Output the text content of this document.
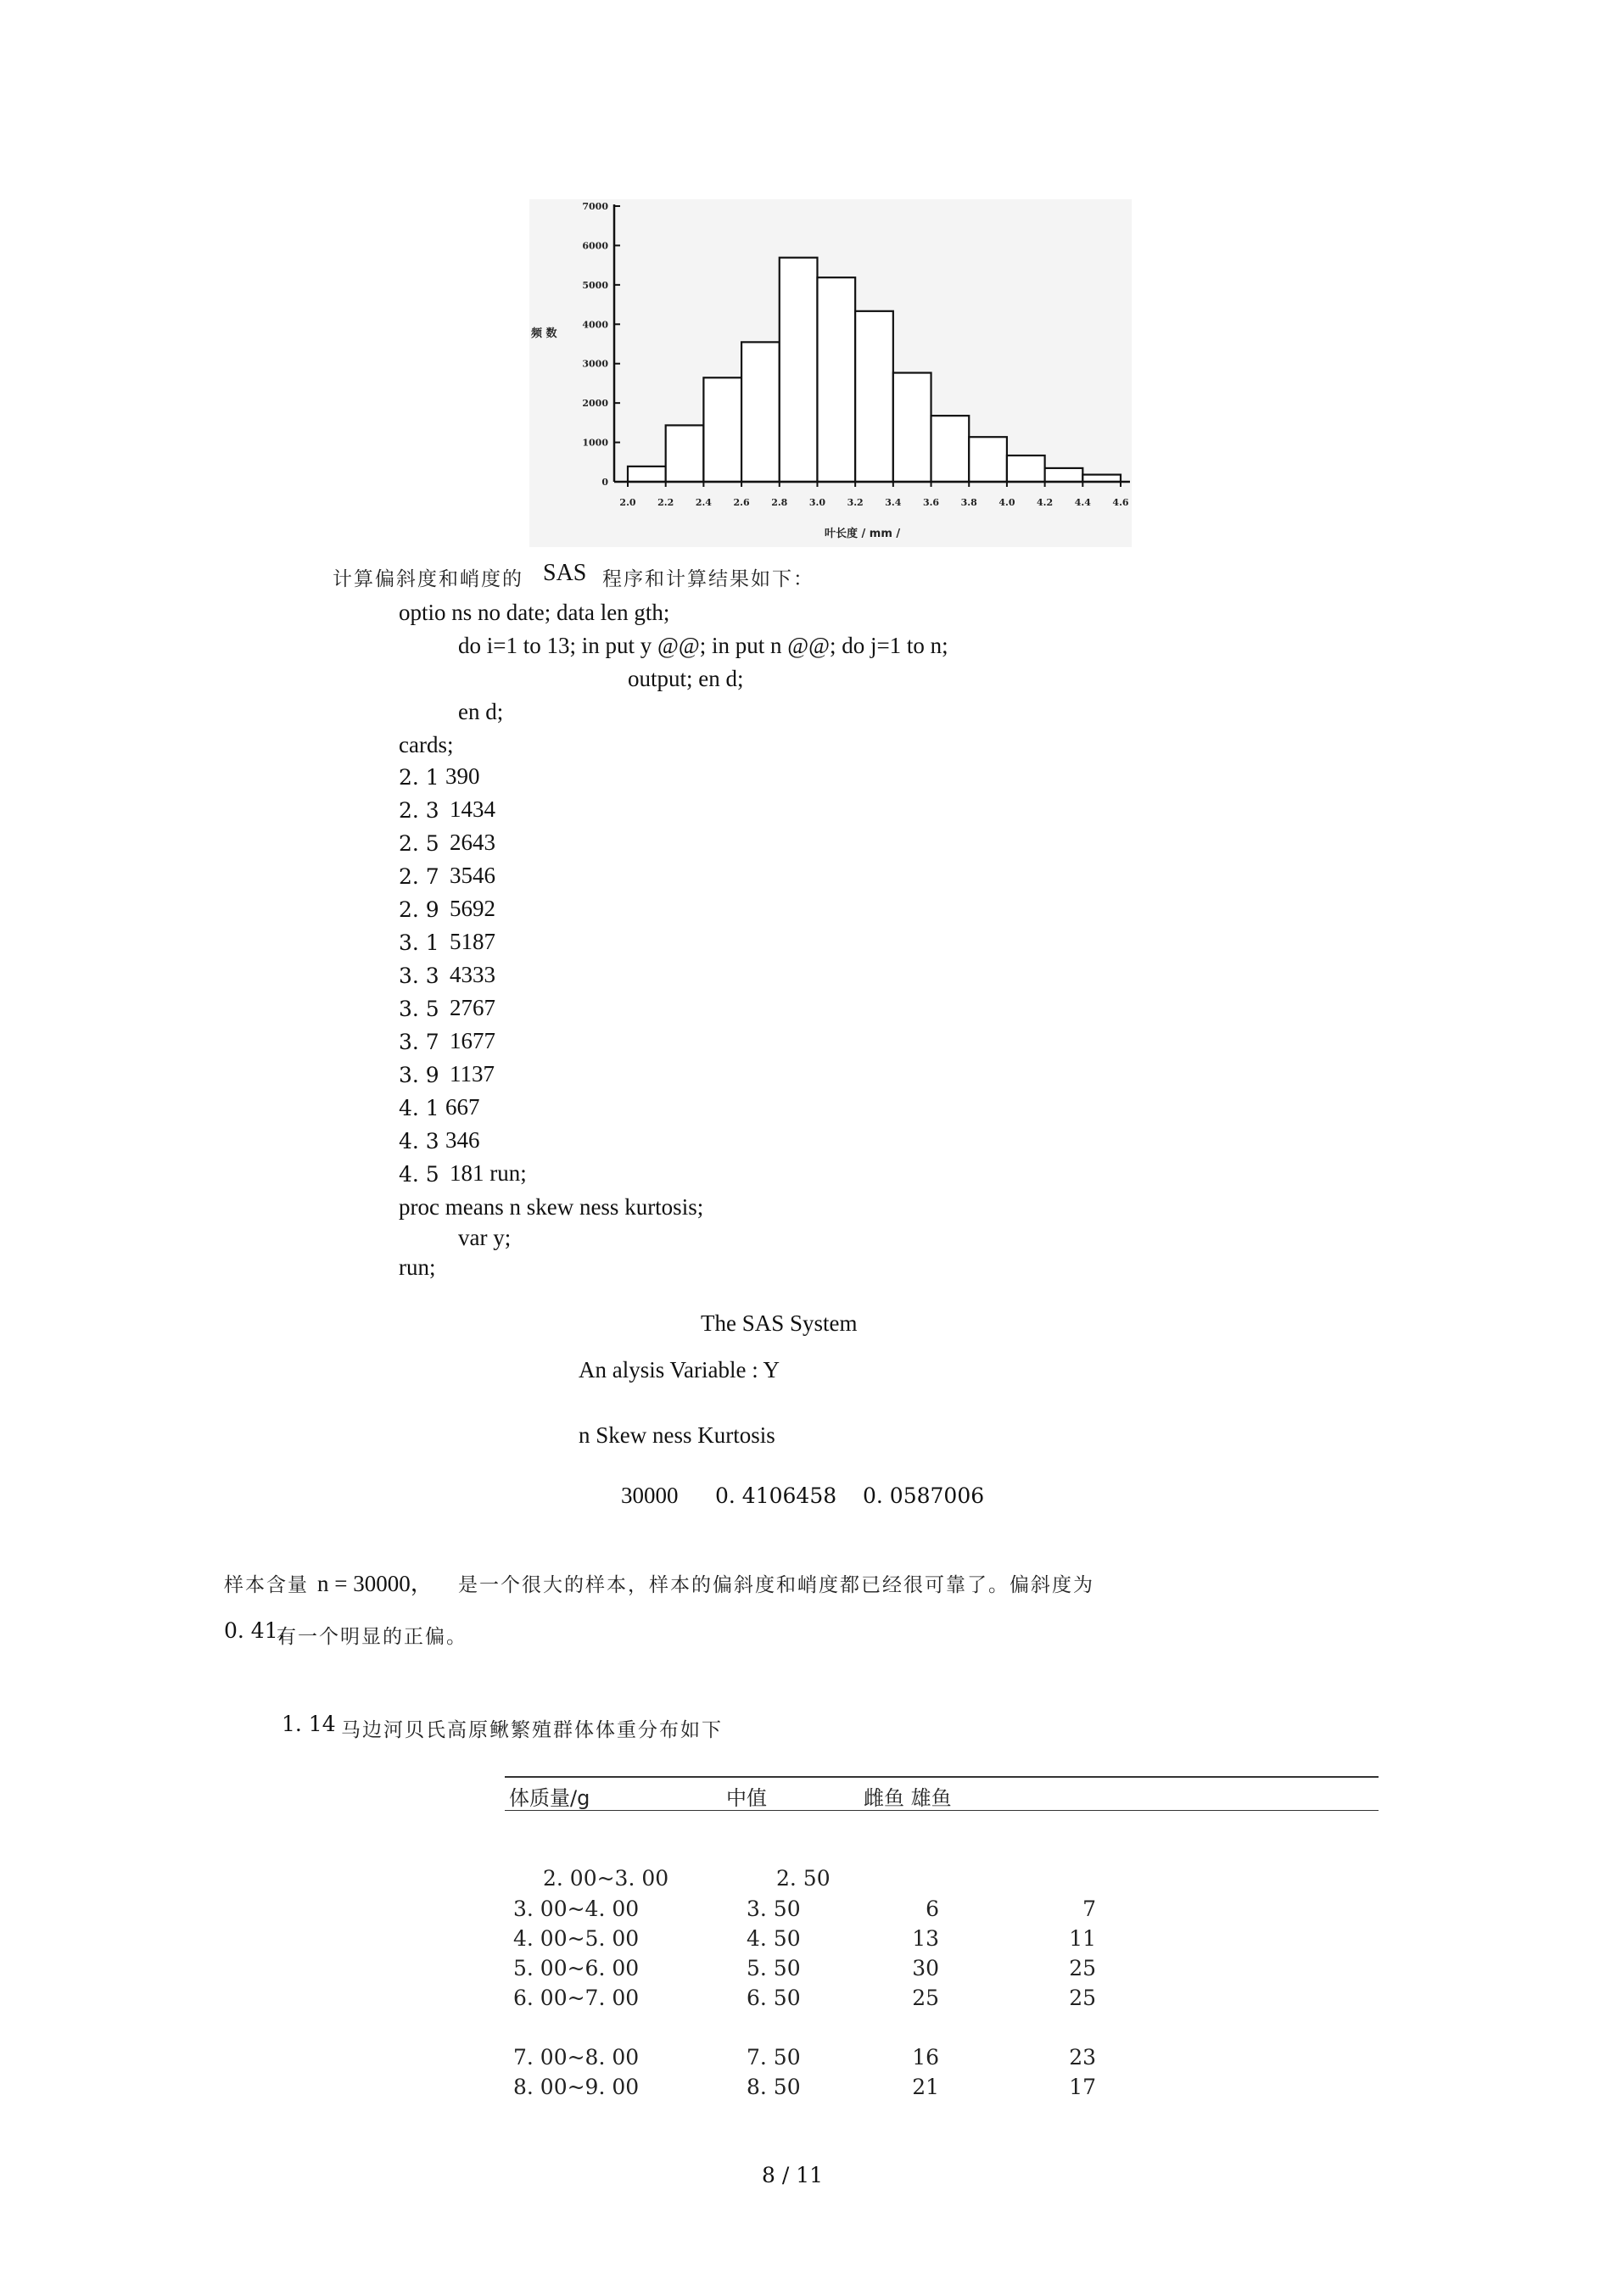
0
1000
2000
3000
4000
5000
6000
7000
2.0 2.2 2.4 2.6 2.8 3.0 3.2 3.4 3.6 3.8 4.0 4.2 4.4 4.6
频 数
叶长度 / mm /
计算偏斜度和峭度的 SAS 程序和计算结果如下：
optio ns no date; data len gth;
do i=1 to 13; in put y @@; in put n @@; do j=1 to n;
output; en d;
en d;
cards;
2. 1 390
2. 3 1434
2. 5 2643
2. 7 3546
2. 9 5692
3. 1 5187
3. 3 4333
3. 5 2767
3. 7 1677
3. 9 1137
4. 1 667
4. 3 346
4. 5 181 run;
proc means n skew ness kurtosis;
var y;
run;
The SAS System
An alysis Variable : Y
n Skew ness Kurtosis
30000 0. 4106458 0. 0587006
样本含量 n = 30000， 是一个很大的样本，样本的偏斜度和峭度都已经很可靠了。偏斜度为
0. 41,
有一个明显的正偏。
1. 14 马边河贝氏高原鳅繁殖群体体重分布如下
体质量/g	中值	雌鱼 雄鱼
2. 00~3. 00	2. 50
3. 00~4. 00	3. 50	6	7
4. 00~5. 00	4. 50	13	11
5. 00~6. 00	5. 50	30	25
6. 00~7. 00	6. 50	25	25
7. 00~8. 00	7. 50	16	23
8. 00~9. 00	8. 50	21	17
8 / 11
